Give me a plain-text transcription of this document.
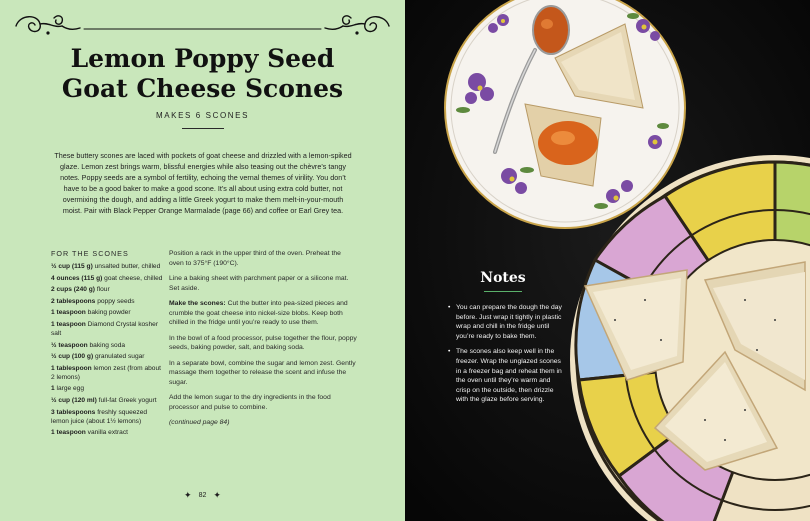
Lemon Poppy Seed
Goat Cheese Scones
MAKES 6 SCONES
These buttery scones are laced with pockets of goat cheese and drizzled with a lemon-spiked glaze. Lemon zest brings warm, blissful energies while also teasing out the chèvre’s tangy notes. Poppy seeds are a symbol of fertility, echoing the vernal themes of virility. You don’t have to be a good baker to make a good scone. It’s all about using extra cold butter, not overmixing the dough, and adding a little Greek yogurt to make them melt-in-your-mouth moist. Pair with Black Pepper Orange Marmalade (page 66) and coffee or Earl Grey tea.
FOR THE SCONES
½ cup (115 g) unsalted butter, chilled
4 ounces (115 g) goat cheese, chilled
2 cups (240 g) flour
2 tablespoons poppy seeds
1 teaspoon baking powder
1 teaspoon Diamond Crystal kosher salt
½ teaspoon baking soda
½ cup (100 g) granulated sugar
1 tablespoon lemon zest (from about 2 lemons)
1 large egg
½ cup (120 ml) full-fat Greek yogurt
3 tablespoons freshly squeezed lemon juice (about 1½ lemons)
1 teaspoon vanilla extract

Position a rack in the upper third of the oven. Preheat the oven to 375°F (190°C).

Line a baking sheet with parchment paper or a silicone mat. Set aside.

Make the scones: Cut the butter into pea-sized pieces and crumble the goat cheese into nickel-size blobs. Keep both chilled in the fridge until you’re ready to use them.

In the bowl of a food processor, pulse together the flour, poppy seeds, baking powder, salt, and baking soda.

In a separate bowl, combine the sugar and lemon zest. Gently massage them together to release the scent and infuse the sugar.

Add the lemon sugar to the dry ingredients in the food processor and pulse to combine.

(continued page 84)

✦ 82 ✦
Notes
• You can prepare the dough the day before. Just wrap it tightly in plastic wrap and chill in the fridge until you’re ready to bake them.
• The scones also keep well in the freezer. Wrap the unglazed scones in a freezer bag and reheat them in the oven until they’re warm and crisp on the outside, then drizzle with the glaze before serving.
